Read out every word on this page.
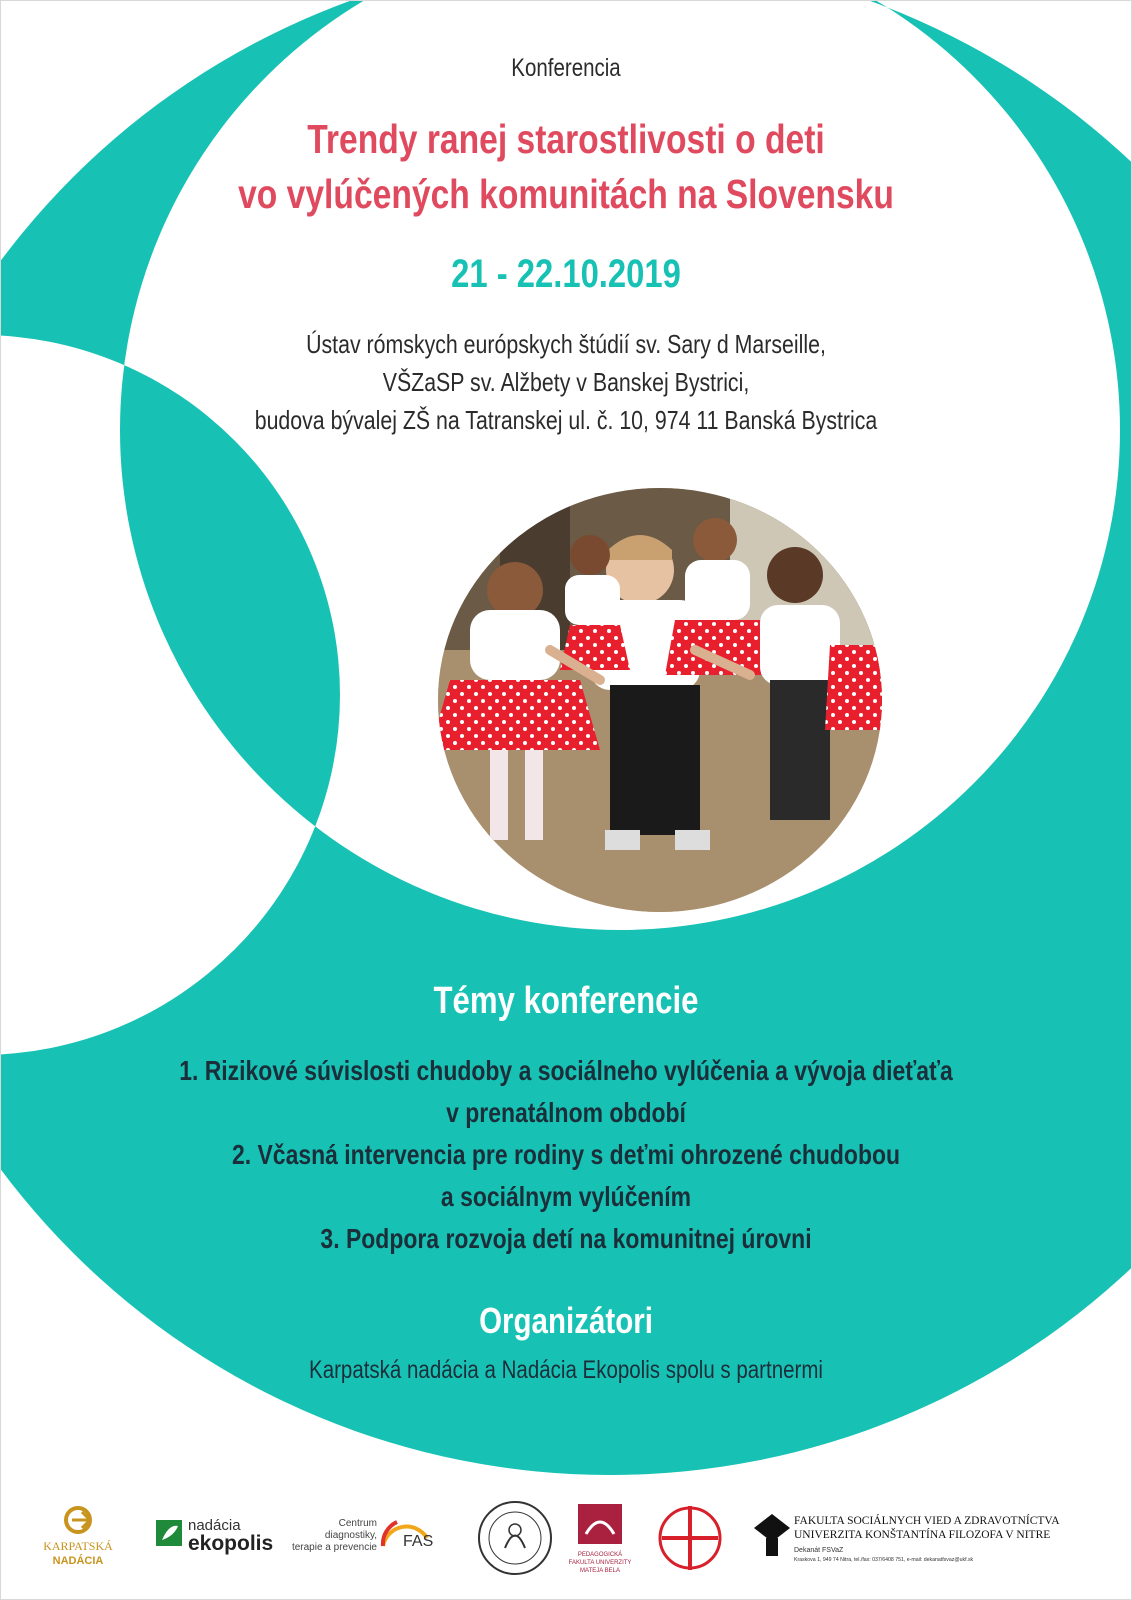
Konferencia
Trendy ranej starostlivosti o deti
vo vylúčených komunitách na Slovensku
21 - 22.10.2019
Ústav rómskych európskych štúdií sv. Sary d Marseille,
VŠZaSP sv. Alžbety v Banskej Bystrici,
budova bývalej ZŠ na Tatranskej ul. č. 10, 974 11 Banská Bystrica
Témy konferencie
1. Rizikové súvislosti chudoby a sociálneho vylúčenia a vývoja dieťaťa
v prenatálnom období
2. Včasná intervencia pre rodiny s deťmi ohrozené chudobou
a sociálnym vylúčením
3. Podpora rozvoja detí na komunitnej úrovni
Organizátori
Karpatská nadácia a Nadácia Ekopolis spolu s partnermi
KARPATSKÁ
NADÁCIA
nadácia
ekopolis
Centrum
diagnostiky,
terapie a prevencie FAS
PEDAGOGICKÁ
FAKULTA UNIVERZITY
MATEJA BELA
FAKULTA SOCIÁLNYCH VIED A ZDRAVOTNÍCTVA
UNIVERZITA KONŠTANTÍNA FILOZOFA V NITRE
Dekanát FSVaZ
Kraskova 1, 949 74 Nitra, tel./fax: 037/6408 751, e-mail: dekanatfsvaz@ukf.sk
